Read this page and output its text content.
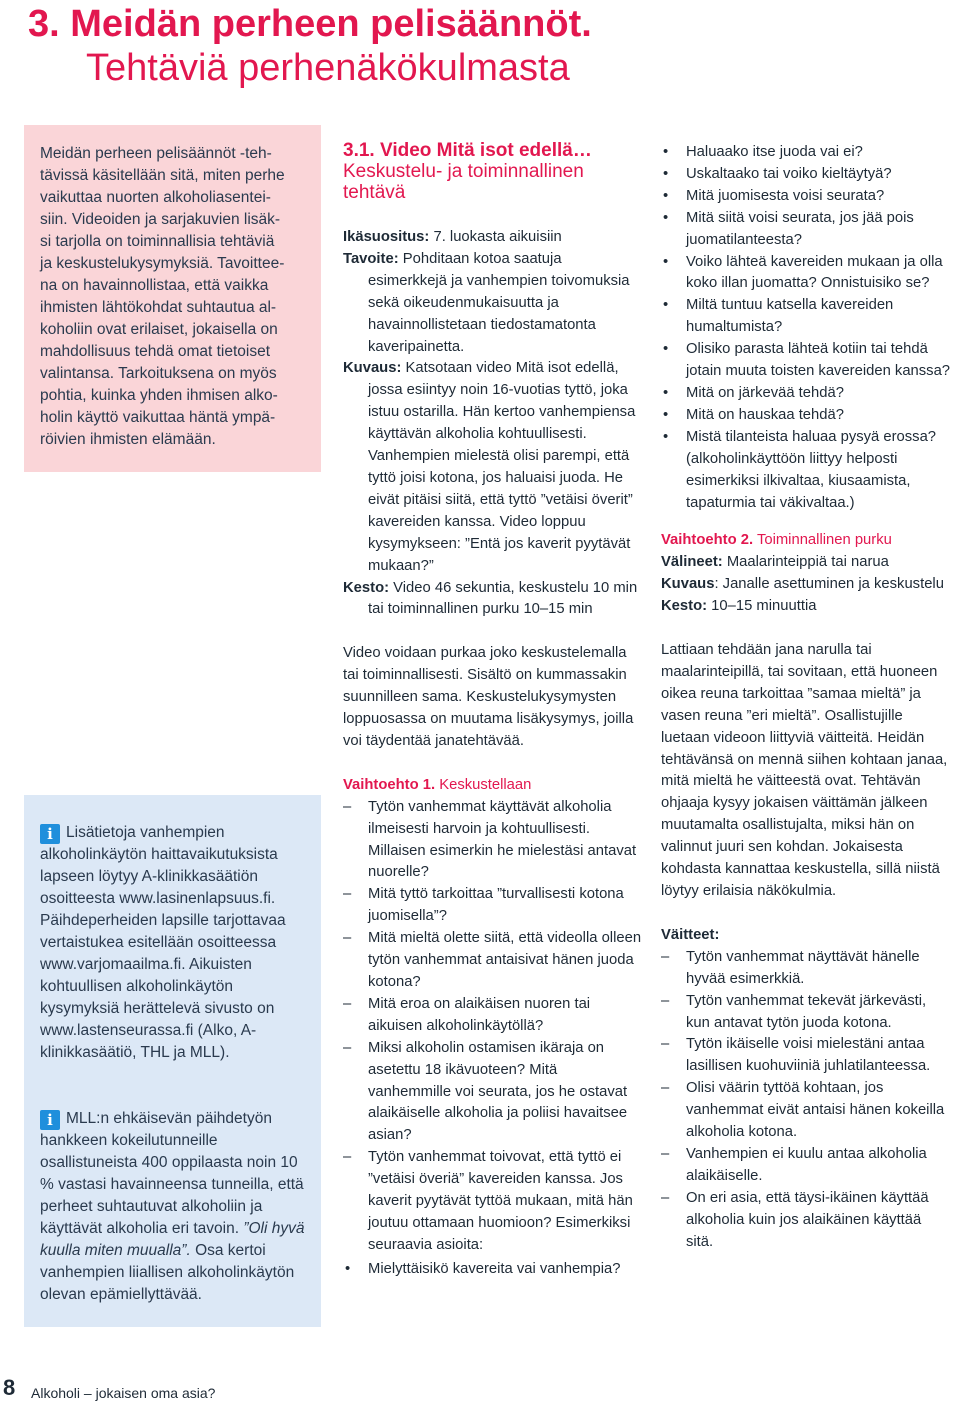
3. Meidän perheen pelisäännöt.
Tehtäviä perhenäkökulmasta

Meidän perheen pelisäännöt -teh-
tävissä käsitellään sitä, miten perhe
vaikuttaa nuorten alkoholiasentei-
siin. Videoiden ja sarjakuvien lisäk-
si tarjolla on toiminnallisia tehtäviä
ja keskustelukysymyksiä. Tavoittee-
na on havainnollistaa, että vaikka
ihmisten lähtökohdat suhtautua al-
koholiin ovat erilaiset, jokaisella on
mahdollisuus tehdä omat tietoiset
valintansa. Tarkoituksena on myös
pohtia, kuinka yhden ihmisen alko-
holin käyttö vaikuttaa häntä ympä-
röivien ihmisten elämään.

i Lisätietoja vanhempien alkoholinkäytön haittavaikutuksista lapseen löytyy A-klinikkasäätiön osoitteesta www.lasinenlapsuus.fi. Päihdeperheiden lapsille tarjottavaa vertaistukea esitellään osoitteessa www.varjomaailma.fi. Aikuisten kohtuullisen alkoholinkäytön kysymyksiä herättelevä sivusto on www.lastenseurassa.fi (Alko, A-klinikkasäätiö, THL ja MLL).

i MLL:n ehkäisevän päihdetyön hankkeen kokeilutunneille osallistuneista 400 oppilaasta noin 10 % vastasi havainneensa tunneilla, että perheet suhtautuvat alkoholiin ja käyttävät alkoholia eri tavoin. ”Oli hyvä kuulla miten muualla”. Osa kertoi vanhempien liiallisen alkoholinkäytön olevan epämiellyttävää.

3.1. Video Mitä isot edellä…
Keskustelu- ja toiminnallinen tehtävä

Ikäsuositus: 7. luokasta aikuisiin

Tavoite: Pohditaan kotoa saatuja esimerkkejä ja vanhempien toivomuksia sekä oikeudenmukaisuutta ja havainnollistetaan tiedostamatonta kaveripainetta.

Kuvaus: Katsotaan video Mitä isot edellä, jossa esiintyy noin 16-vuotias tyttö, joka istuu ostarilla. Hän kertoo vanhempiensa käyttävän alkoholia kohtuullisesti. Vanhempien mielestä olisi parempi, että tyttö joisi kotona, jos haluaisi juoda. He eivät pitäisi siitä, että tyttö ”vetäisi överit” kavereiden kanssa. Video loppuu kysymykseen: ”Entä jos kaverit pyytävät mukaan?”

Kesto: Video 46 sekuntia, keskustelu 10 min tai toiminnallinen purku 10–15 min

Video voidaan purkaa joko keskustelemalla tai toiminnallisesti. Sisältö on kummassakin suunnilleen sama. Keskustelukysymysten loppuosassa on muutama lisäkysymys, joilla voi täydentää janatehtävää.

Vaihtoehto 1. Keskustellaan

– Tytön vanhemmat käyttävät alkoholia ilmeisesti harvoin ja kohtuullisesti. Millaisen esimerkin he mielestäsi antavat nuorelle?
– Mitä tyttö tarkoittaa ”turvallisesti kotona juomisella”?
– Mitä mieltä olette siitä, että videolla olleen tytön vanhemmat antaisivat hänen juoda kotona?
– Mitä eroa on alaikäisen nuoren tai aikuisen alkoholinkäytöllä?
– Miksi alkoholin ostamisen ikäraja on asetettu 18 ikävuoteen? Mitä vanhemmille voi seurata, jos he ostavat alaikäiselle alkoholia ja poliisi havaitsee asian?
– Tytön vanhemmat toivovat, että tyttö ei ”vetäisi överiä” kavereiden kanssa. Jos kaverit pyytävät tyttöä mukaan, mitä hän joutuu ottamaan huomioon? Esimerkiksi seuraavia asioita:
• Mielyttäisikö kavereita vai vanhempia?
• Haluaako itse juoda vai ei?
• Uskaltaako tai voiko kieltäytyä?
• Mitä juomisesta voisi seurata?
• Mitä siitä voisi seurata, jos jää pois juomatilanteesta?
• Voiko lähteä kavereiden mukaan ja olla koko illan juomatta? Onnistuisiko se?
• Miltä tuntuu katsella kavereiden humaltumista?
• Olisiko parasta lähteä kotiin tai tehdä jotain muuta toisten kavereiden kanssa?
• Mitä on järkevää tehdä?
• Mitä on hauskaa tehdä?
• Mistä tilanteista haluaa pysyä erossa? (alkoholinkäyttöön liittyy helposti esimerkiksi ilkivaltaa, kiusaamista, tapaturmia tai väkivaltaa.)

Vaihtoehto 2. Toiminnallinen purku

Välineet: Maalarinteippiä tai naruа

Kuvaus: Janalle asettuminen ja keskustelu

Kesto: 10–15 minuuttia

Lattiaan tehdään jana narulla tai maalarinteipillä, tai sovitaan, että huoneen oikea reuna tarkoittaa ”samaa mieltä” ja vasen reuna ”eri mieltä”. Osallistujille luetaan videoon liittyviä väitteitä. Heidän tehtävänsä on mennä siihen kohtaan janaa, mitä mieltä he väitteestä ovat. Tehtävän ohjaaja kysyy jokaisen väittämän jälkeen muutamalta osallistujalta, miksi hän on valinnut juuri sen kohdan. Jokaisesta kohdasta kannattaa keskustella, sillä niistä löytyy erilaisia näkökulmia.

Väitteet:

– Tytön vanhemmat näyttävät hänelle hyvää esimerkkiä.
– Tytön vanhemmat tekevät järkevästi, kun antavat tytön juoda kotona.
– Tytön ikäiselle voisi mielestäni antaa lasillisen kuohuviiniä juhlatilanteessa.
– Olisi väärin tyttöä kohtaan, jos vanhemmat eivät antaisi hänen kokeilla alkoholia kotona.
– Vanhempien ei kuulu antaa alkoholia alaikäiselle.
– On eri asia, että täysi-ikäinen käyttää alkoholia kuin jos alaikäinen käyttää sitä.
8 Alkoholi – jokaisen oma asia?
